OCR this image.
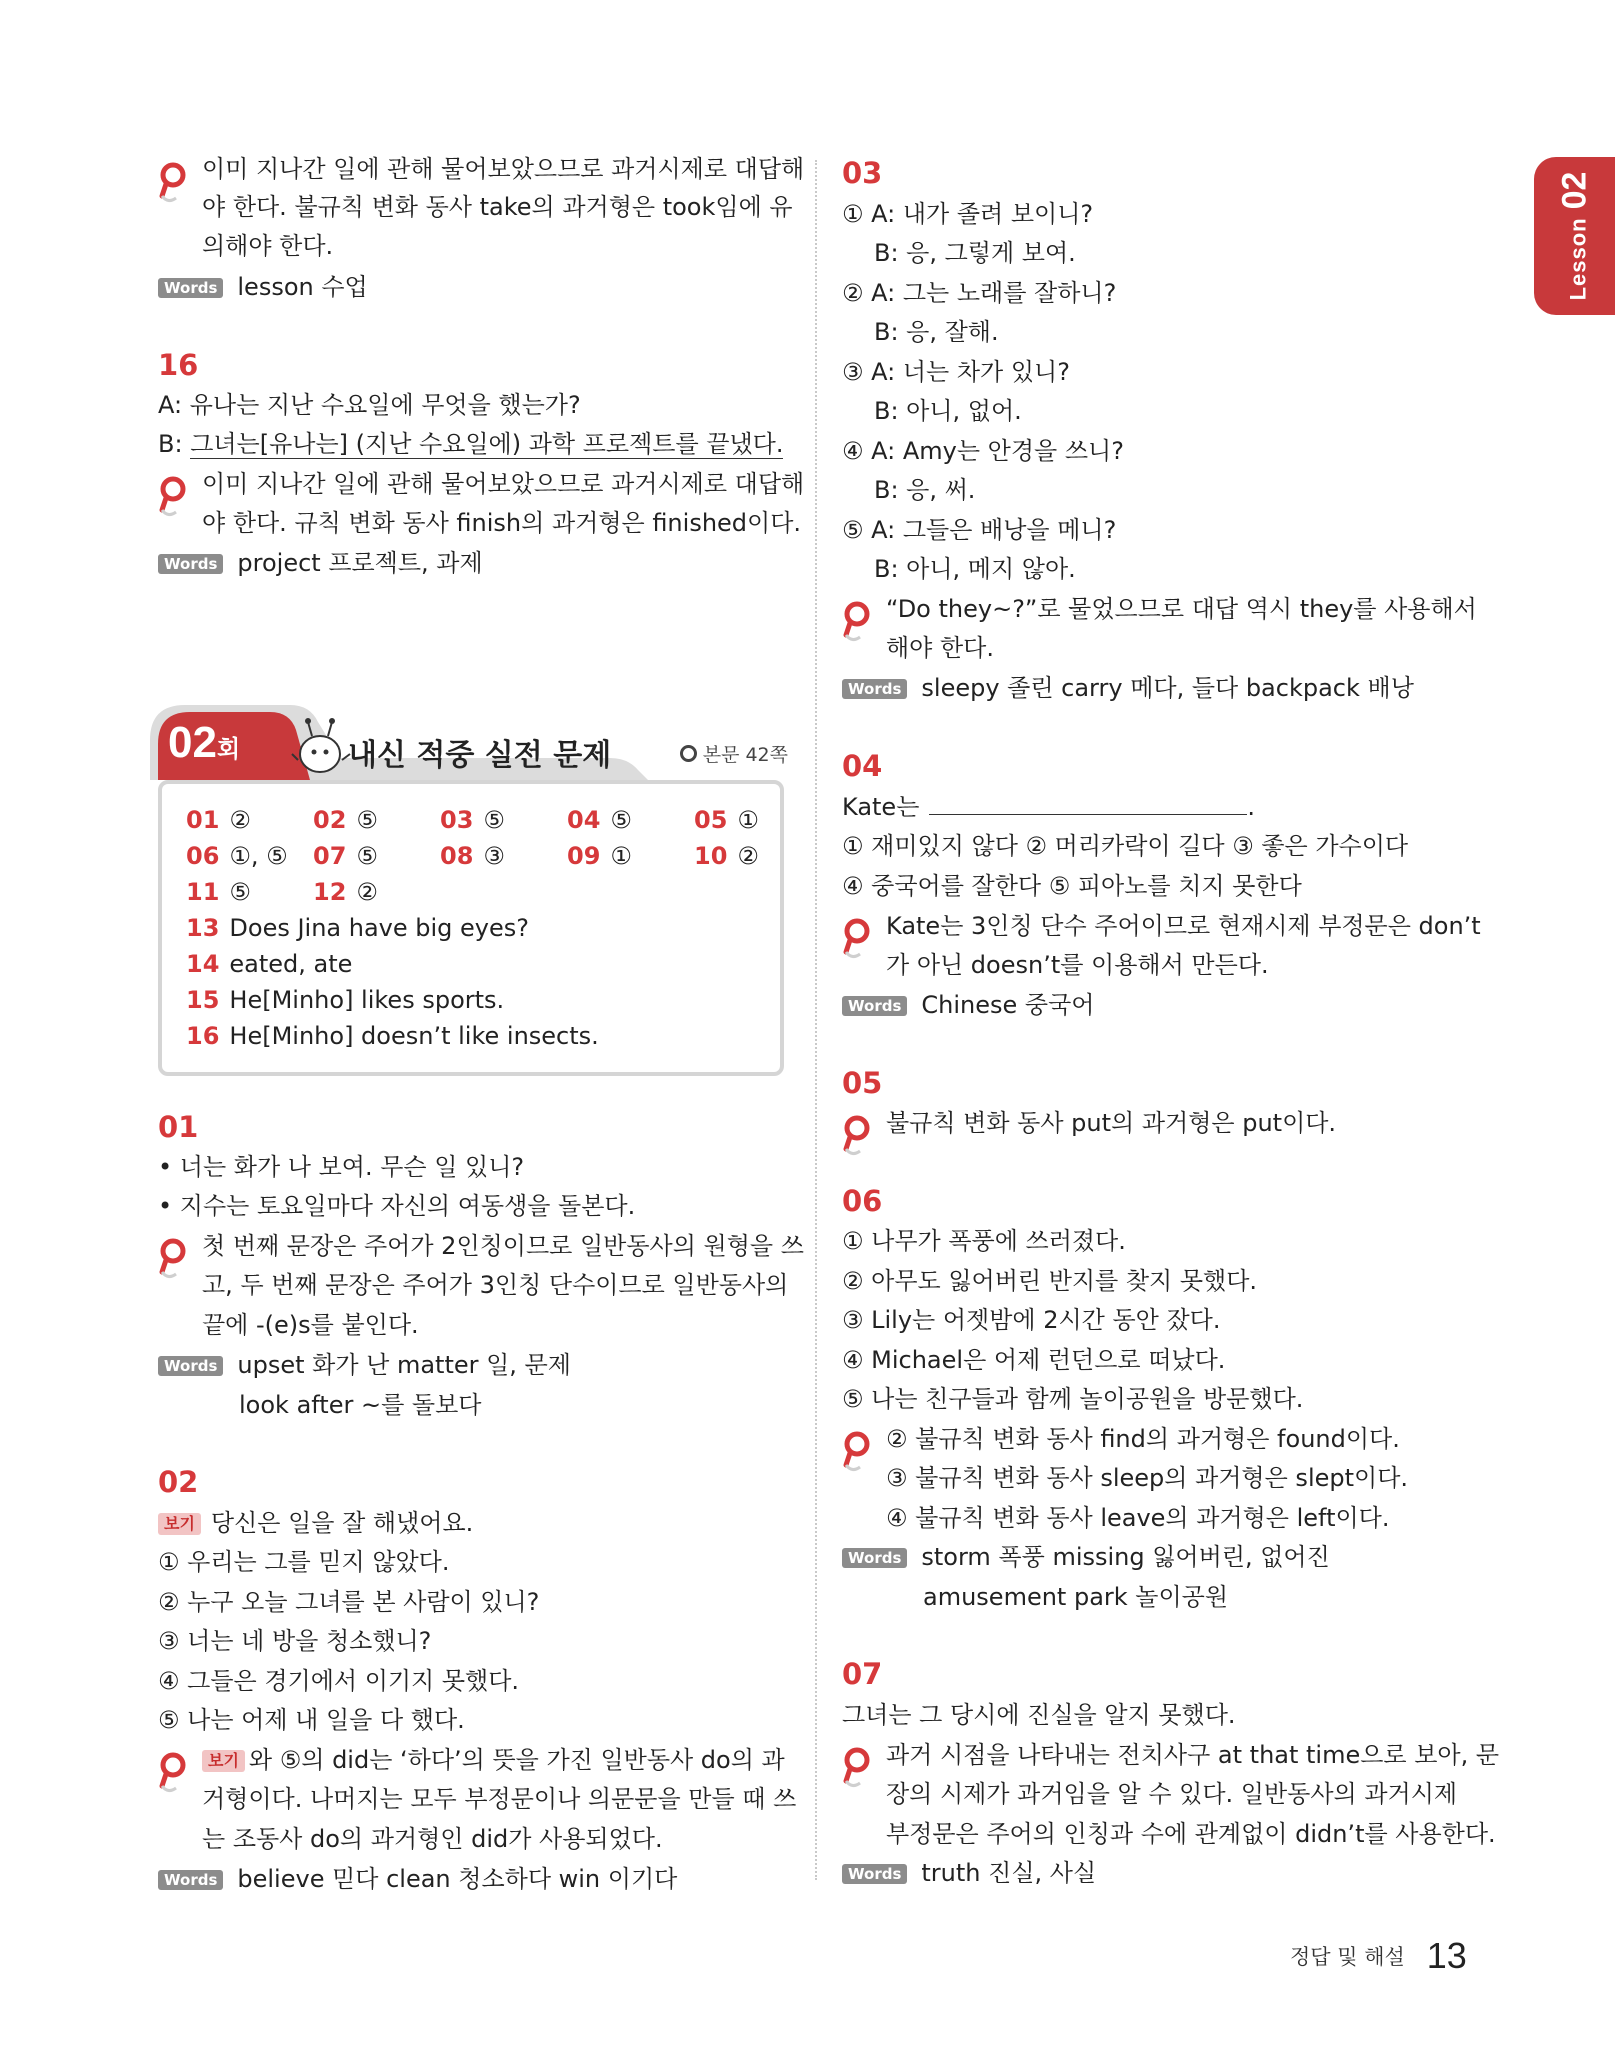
Lesson02
이미 지나간 일에 관해 물어보았으므로 과거시제로 대답해
야 한다. 불규칙 변화 동사 take의 과거형은 took임에 유
의해야 한다.
Words lesson 수업
16
A: 유나는 지난 수요일에 무엇을 했는가?
B: 그녀는[유나는] (지난 수요일에) 과학 프로젝트를 끝냈다.
이미 지나간 일에 관해 물어보았으므로 과거시제로 대답해
야 한다. 규칙 변화 동사 finish의 과거형은 finished이다.
Words project 프로젝트, 과제
02회	내신 적중 실전 문제	본문 42쪽
01 ②	02 ⑤	03 ⑤	04 ⑤	05 ①
06 ①, ⑤ 07 ⑤	08 ③	09 ①	10 ②
11 ⑤	12 ②
13 Does Jina have big eyes?
14 eated, ate
15 He[Minho] likes sports.
16 He[Minho] doesn’t like insects.
01
• 너는 화가 나 보여. 무슨 일 있니?
• 지수는 토요일마다 자신의 여동생을 돌본다.
첫 번째 문장은 주어가 2인칭이므로 일반동사의 원형을 쓰
고, 두 번째 문장은 주어가 3인칭 단수이므로 일반동사의
끝에 -(e)s를 붙인다.
Words upset 화가 난 matter 일, 문제
look after ~를 돌보다
02
보기 당신은 일을 잘 해냈어요.
① 우리는 그를 믿지 않았다.
② 누구 오늘 그녀를 본 사람이 있니?
③ 너는 네 방을 청소했니?
④ 그들은 경기에서 이기지 못했다.
⑤ 나는 어제 내 일을 다 했다.
보기 와 ⑤의 did는 ‘하다’의 뜻을 가진 일반동사 do의 과
거형이다. 나머지는 모두 부정문이나 의문문을 만들 때 쓰
는 조동사 do의 과거형인 did가 사용되었다.
Words believe 믿다 clean 청소하다 win 이기다
03
① A: 내가 졸려 보이니?
B: 응, 그렇게 보여.
② A: 그는 노래를 잘하니?
B: 응, 잘해.
③ A: 너는 차가 있니?
B: 아니, 없어.
④ A: Amy는 안경을 쓰니?
B: 응, 써.
⑤ A: 그들은 배낭을 메니?
B: 아니, 메지 않아.
“Do they~?”로 물었으므로 대답 역시 they를 사용해서
해야 한다.
Words sleepy 졸린 carry 메다, 들다 backpack 배낭
04
Kate는	.
① 재미있지 않다 ② 머리카락이 길다 ③ 좋은 가수이다
④ 중국어를 잘한다 ⑤ 피아노를 치지 못한다
Kate는 3인칭 단수 주어이므로 현재시제 부정문은 don’t
가 아닌 doesn’t를 이용해서 만든다.
Words Chinese 중국어
05
불규칙 변화 동사 put의 과거형은 put이다.
06
① 나무가 폭풍에 쓰러졌다.
② 아무도 잃어버린 반지를 찾지 못했다.
③ Lily는 어젯밤에 2시간 동안 잤다.
④ Michael은 어제 런던으로 떠났다.
⑤ 나는 친구들과 함께 놀이공원을 방문했다.
② 불규칙 변화 동사 find의 과거형은 found이다.
③ 불규칙 변화 동사 sleep의 과거형은 slept이다.
④ 불규칙 변화 동사 leave의 과거형은 left이다.
Words storm 폭풍 missing 잃어버린, 없어진
amusement park 놀이공원
07
그녀는 그 당시에 진실을 알지 못했다.
과거 시점을 나타내는 전치사구 at that time으로 보아, 문
장의 시제가 과거임을 알 수 있다. 일반동사의 과거시제
부정문은 주어의 인칭과 수에 관계없이 didn’t를 사용한다.
Words truth 진실, 사실
정답 및 해설 13
